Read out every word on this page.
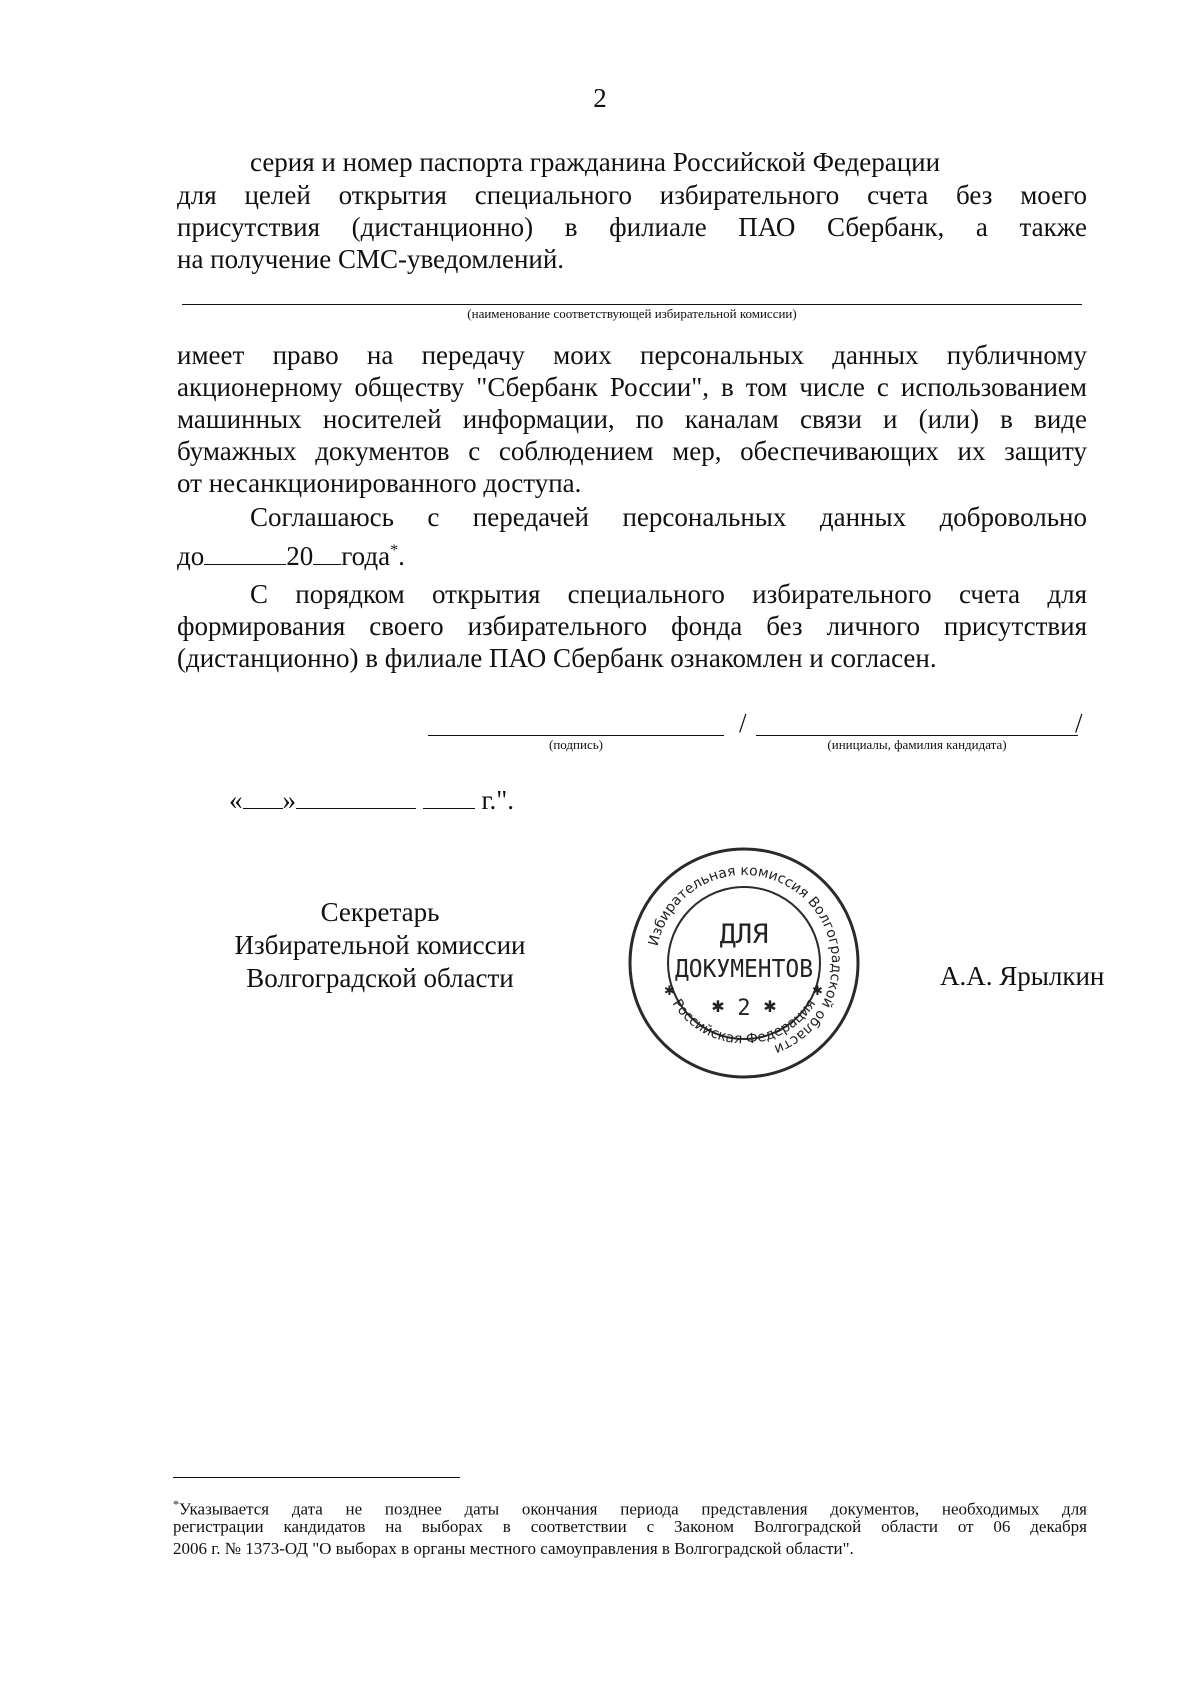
2
серия и номер паспорта гражданина Российской Федерации
для целей открытия специального избирательного счета без моего
присутствия (дистанционно) в филиале ПАО Сбербанк, а также
на получение СМС-уведомлений.
(наименование соответствующей избирательной комиссии)
имеет право на передачу моих персональных данных публичному
акционерному обществу "Сбербанк России", в том числе с использованием
машинных носителей информации, по каналам связи и (или) в виде
бумажных документов с соблюдением мер, обеспечивающих их защиту
от несанкционированного доступа.
Соглашаюсь с передачей персональных данных добровольно
до	20 года*.
С порядком открытия специального избирательного счета для
формирования своего избирательного фонда без личного присутствия
(дистанционно) в филиале ПАО Сбербанк ознакомлен и согласен.
/	/
(подпись)	(инициалы, фамилия кандидата)
« »	г.".
Секретарь
Избирательной комиссии
Волгоградской области
Избирательная комиссия Волгоградской области
Российская Федерация
✱	✱
ДЛЯ
ДОКУМЕНТОВ
✱ 2 ✱
А.А. Ярылкин
*Указывается дата не позднее даты окончания периода представления документов, необходимых для
регистрации кандидатов на выборах в соответствии с Законом Волгоградской области от 06 декабря
2006 г. № 1373-ОД "О выборах в органы местного самоуправления в Волгоградской области".
